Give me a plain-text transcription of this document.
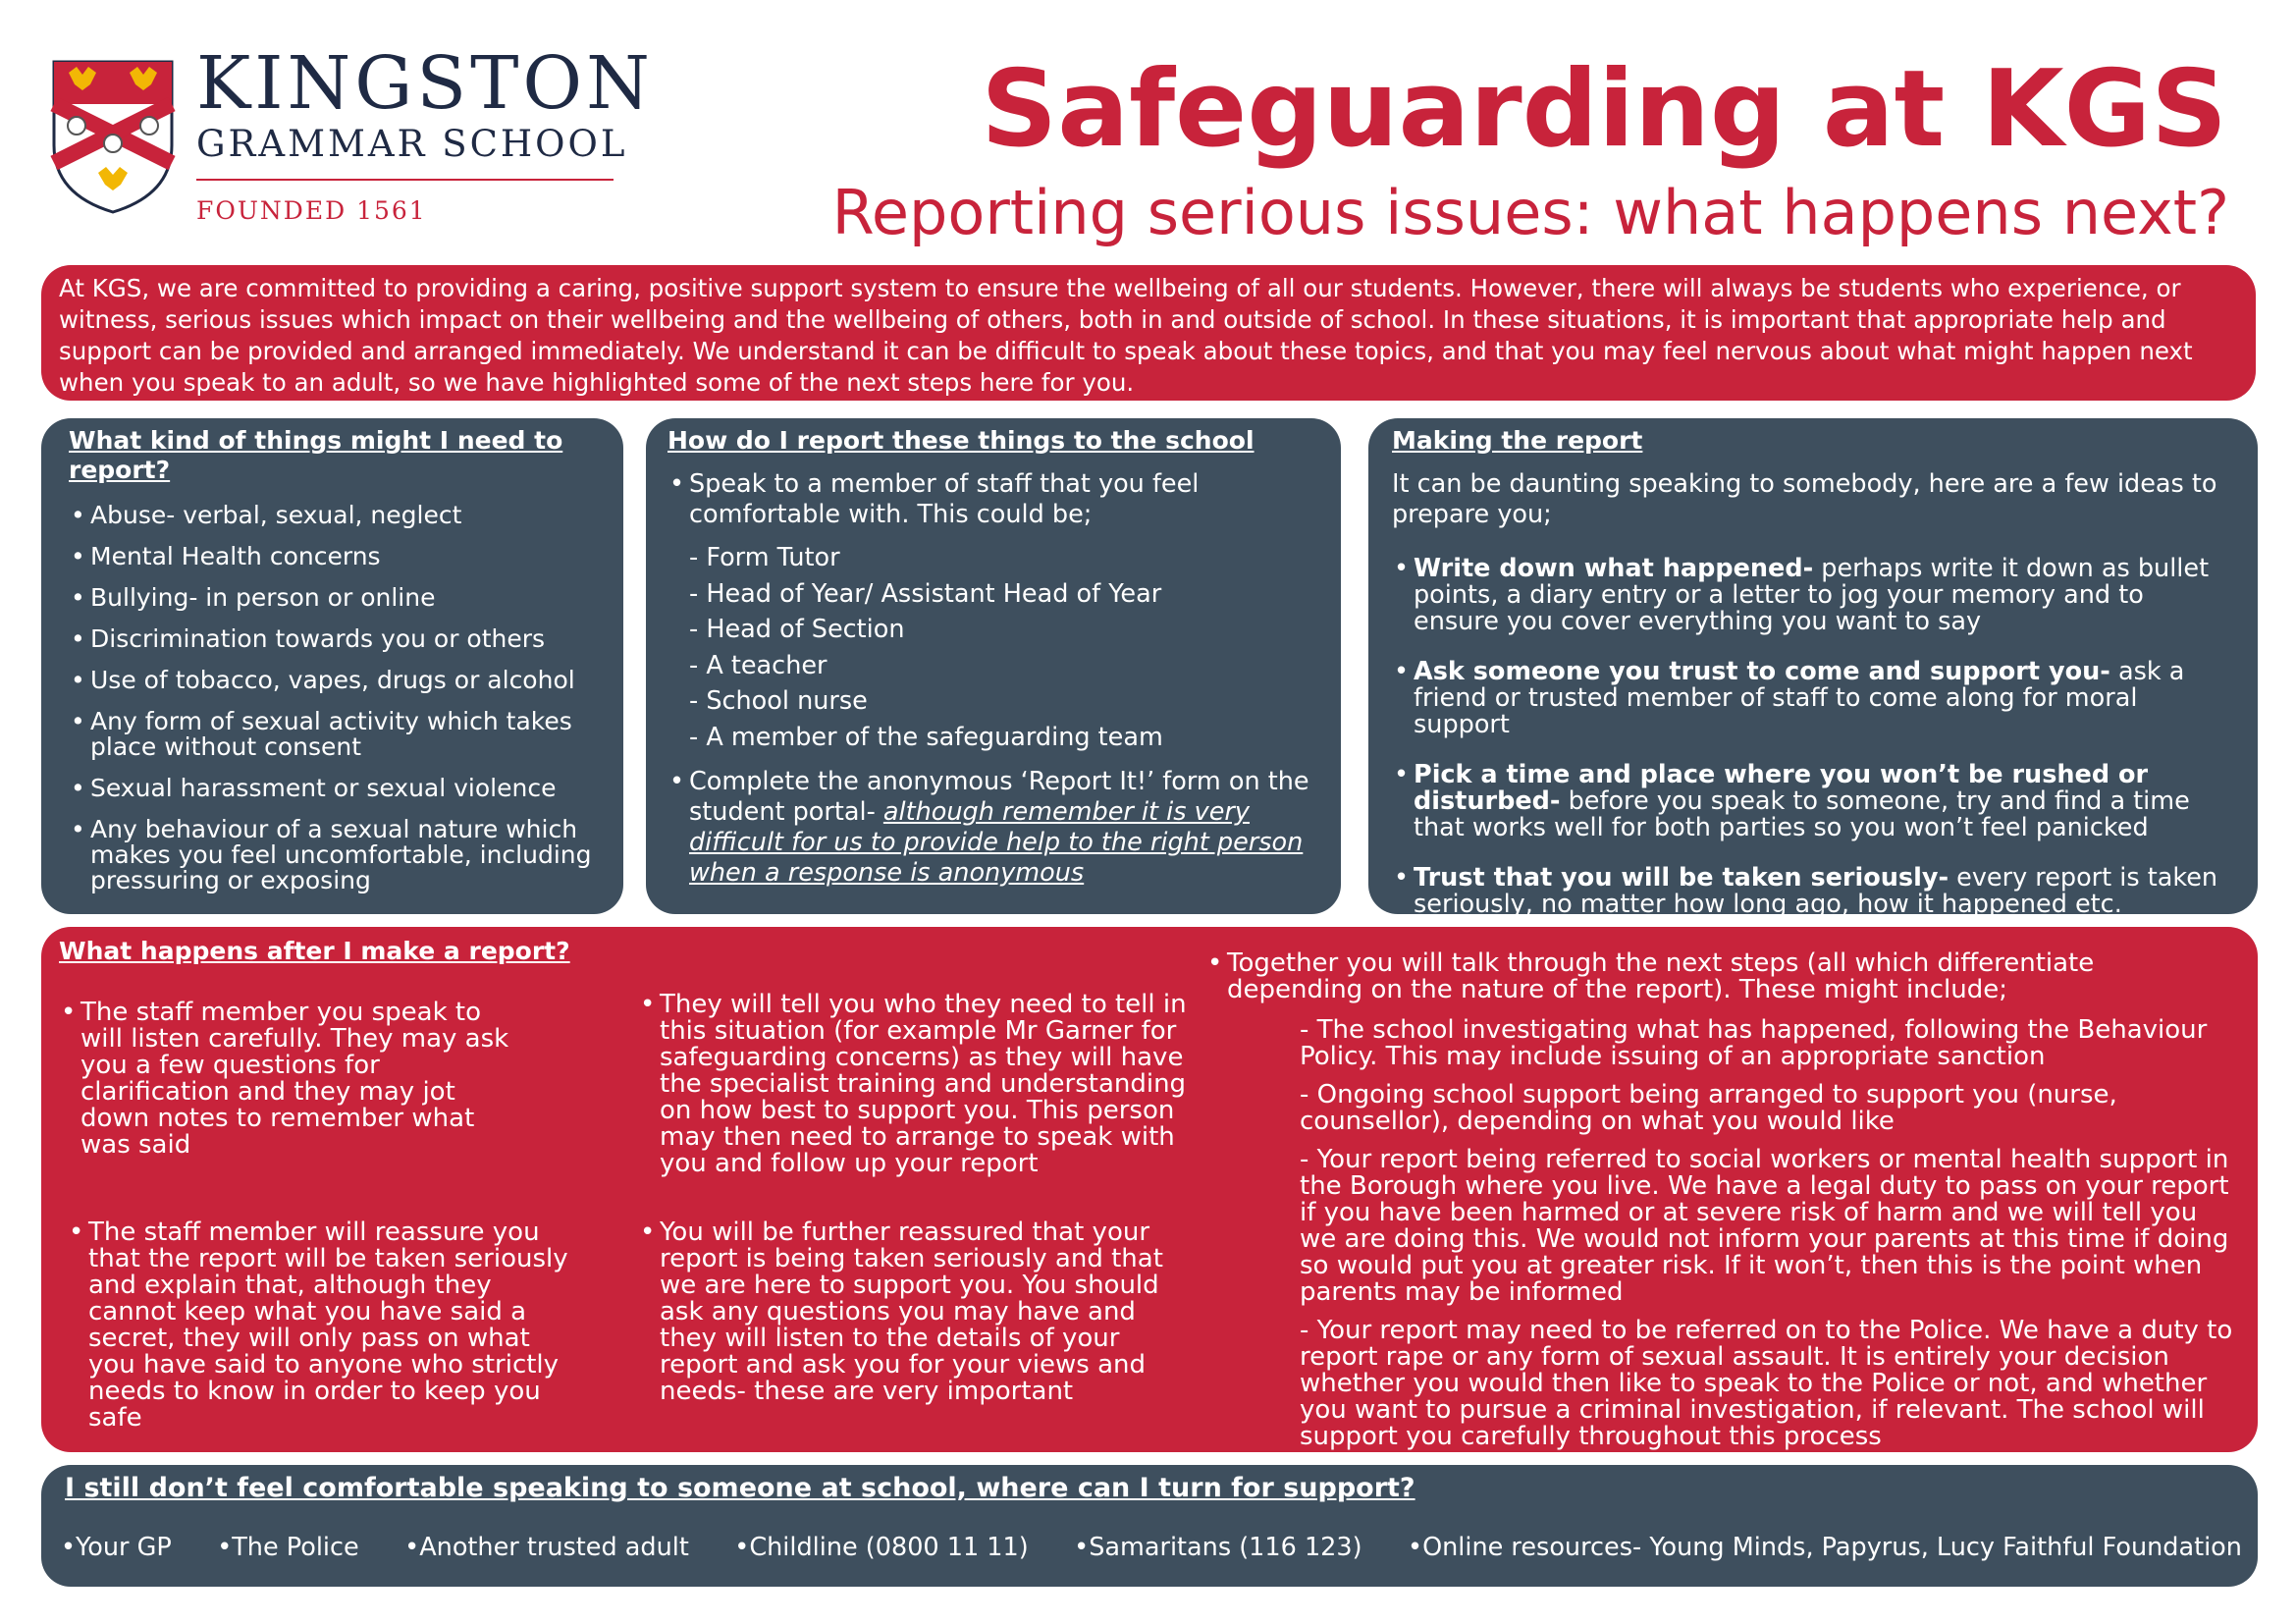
KINGSTON
GRAMMAR SCHOOL
FOUNDED 1561
Safeguarding at KGS
Reporting serious issues: what happens next?
At KGS, we are committed to providing a caring, positive support system to ensure the wellbeing of all our students. However, there will always be students who experience, or witness, serious issues which impact on their wellbeing and the wellbeing of others, both in and outside of school. In these situations, it is important that appropriate help and support can be provided and arranged immediately. We understand it can be difficult to speak about these topics, and that you may feel nervous about what might happen next when you speak to an adult, so we have highlighted some of the next steps here for you.
What kind of things might I need to report?
• Abuse- verbal, sexual, neglect
• Mental Health concerns
• Bullying- in person or online
• Discrimination towards you or others
• Use of tobacco, vapes, drugs or alcohol
• Any form of sexual activity which takes place without consent
• Sexual harassment or sexual violence
• Any behaviour of a sexual nature which makes you feel uncomfortable, including pressuring or exposing
How do I report these things to the school
• Speak to a member of staff that you feel comfortable with. This could be;
- Form Tutor
- Head of Year/ Assistant Head of Year
- Head of Section
- A teacher
- School nurse
- A member of the safeguarding team
• Complete the anonymous ‘Report It!’ form on the student portal- although remember it is very difficult for us to provide help to the right person when a response is anonymous
Making the report
It can be daunting speaking to somebody, here are a few ideas to prepare you;
• Write down what happened- perhaps write it down as bullet points, a diary entry or a letter to jog your memory and to ensure you cover everything you want to say
• Ask someone you trust to come and support you- ask a friend or trusted member of staff to come along for moral support
• Pick a time and place where you won’t be rushed or disturbed- before you speak to someone, try and find a time that works well for both parties so you won’t feel panicked
• Trust that you will be taken seriously- every report is taken seriously, no matter how long ago, how it happened etc.
What happens after I make a report?
• The staff member you speak to will listen carefully. They may ask you a few questions for clarification and they may jot down notes to remember what was said
• The staff member will reassure you that the report will be taken seriously and explain that, although they cannot keep what you have said a secret, they will only pass on what you have said to anyone who strictly needs to know in order to keep you safe
• They will tell you who they need to tell in this situation (for example Mr Garner for safeguarding concerns) as they will have the specialist training and understanding on how best to support you. This person may then need to arrange to speak with you and follow up your report
• You will be further reassured that your report is being taken seriously and that we are here to support you. You should ask any questions you may have and they will listen to the details of your report and ask you for your views and needs- these are very important
• Together you will talk through the next steps (all which differentiate depending on the nature of the report). These might include;
- The school investigating what has happened, following the Behaviour Policy. This may include issuing of an appropriate sanction
- Ongoing school support being arranged to support you (nurse, counsellor), depending on what you would like
- Your report being referred to social workers or mental health support in the Borough where you live. We have a legal duty to pass on your report if you have been harmed or at severe risk of harm and we will tell you we are doing this. We would not inform your parents at this time if doing so would put you at greater risk. If it won’t, then this is the point when parents may be informed
- Your report may need to be referred on to the Police. We have a duty to report rape or any form of sexual assault. It is entirely your decision whether you would then like to speak to the Police or not, and whether you want to pursue a criminal investigation, if relevant. The school will support you carefully throughout this process
I still don’t feel comfortable speaking to someone at school, where can I turn for support?
• Your GP	• The Police	• Another trusted adult	• Childline (0800 11 11)	• Samaritans (116 123)	• Online resources- Young Minds, Papyrus, Lucy Faithful Foundation
